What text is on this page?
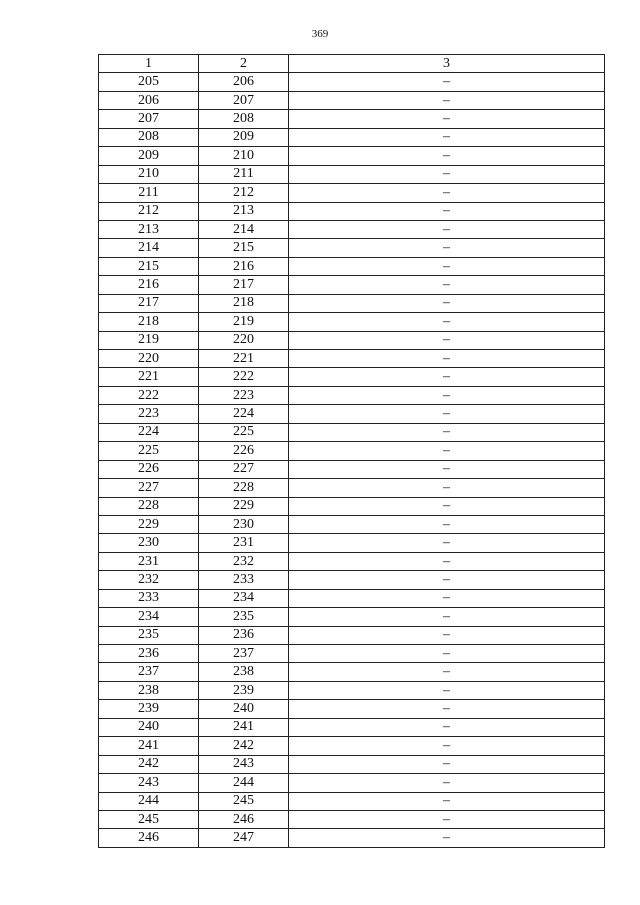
369
1	2	3
205	206	–
206	207	–
207	208	–
208	209	–
209	210	–
210	211	–
211	212	–
212	213	–
213	214	–
214	215	–
215	216	–
216	217	–
217	218	–
218	219	–
219	220	–
220	221	–
221	222	–
222	223	–
223	224	–
224	225	–
225	226	–
226	227	–
227	228	–
228	229	–
229	230	–
230	231	–
231	232	–
232	233	–
233	234	–
234	235	–
235	236	–
236	237	–
237	238	–
238	239	–
239	240	–
240	241	–
241	242	–
242	243	–
243	244	–
244	245	–
245	246	–
246	247	–
